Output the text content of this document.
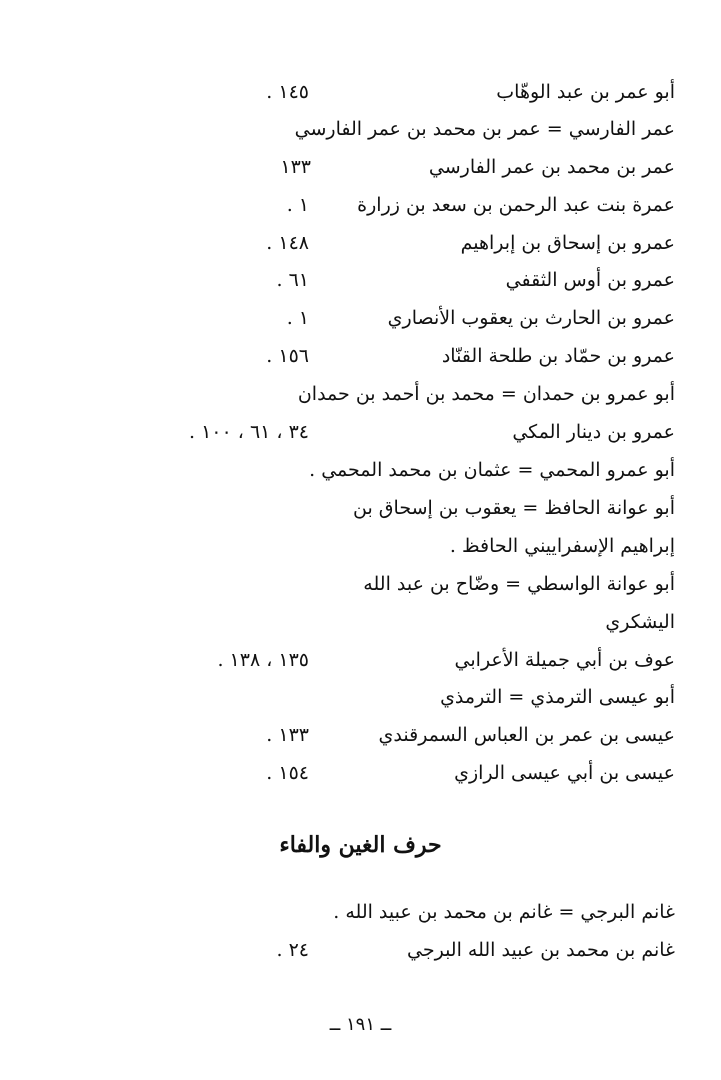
أبو عمر بن عبد الوهّاب
١٤٥ .
عمر الفارسي = عمر بن محمد بن عمر الفارسي
عمر بن محمد بن عمر الفارسي
١٣٣
عمرة بنت عبد الرحمن بن سعد بن زرارة
١ .
عمرو بن إسحاق بن إبراهيم
١٤٨ .
عمرو بن أوس الثقفي
٦١ .
عمرو بن الحارث بن يعقوب الأنصاري
١ .
عمرو بن حمّاد بن طلحة القنّاد
١٥٦ .
أبو عمرو بن حمدان = محمد بن أحمد بن حمدان
عمرو بن دينار المكي
٣٤ ، ٦١ ، ١٠٠ .
أبو عمرو المحمي = عثمان بن محمد المحمي .
أبو عوانة الحافظ = يعقوب بن إسحاق بن
إبراهيم الإسفراييني الحافظ .
أبو عوانة الواسطي = وضّاح بن عبد الله
اليشكري
عوف بن أبي جميلة الأعرابي
١٣٥ ، ١٣٨ .
أبو عيسى الترمذي = الترمذي
عيسى بن عمر بن العباس السمرقندي
١٣٣ .
عيسى بن أبي عيسى الرازي
١٥٤ .
حرف الغين والفاء
غانم البرجي = غانم بن محمد بن عبيد الله .
غانم بن محمد بن عبيد الله البرجي
٢٤ .
ــ ١٩١ ــ
